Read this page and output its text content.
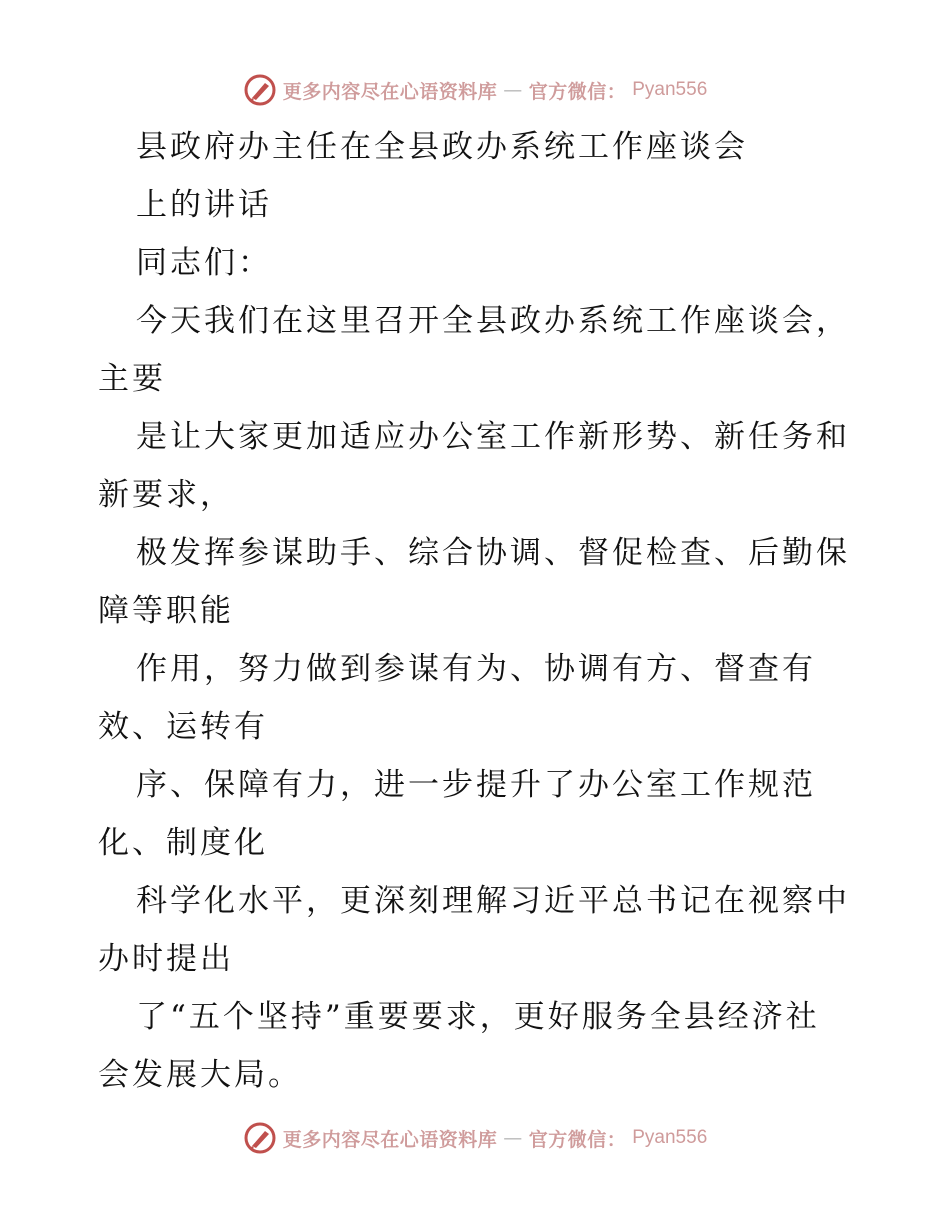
更多内容尽在心语资料库 — 官方微信： Pyan556
县政府办主任在全县政办系统工作座谈会
上的讲话
同志们：
今天我们在这里召开全县政办系统工作座谈会，
主要
是让大家更加适应办公室工作新形势、新任务和
新要求，
极发挥参谋助手、综合协调、督促检查、后勤保
障等职能
作用，努力做到参谋有为、协调有方、督查有
效、运转有
序、保障有力，进一步提升了办公室工作规范
化、制度化
科学化水平，更深刻理解习近平总书记在视察中
办时提出
了“五个坚持”重要要求，更好服务全县经济社
会发展大局。
更多内容尽在心语资料库 — 官方微信： Pyan556
